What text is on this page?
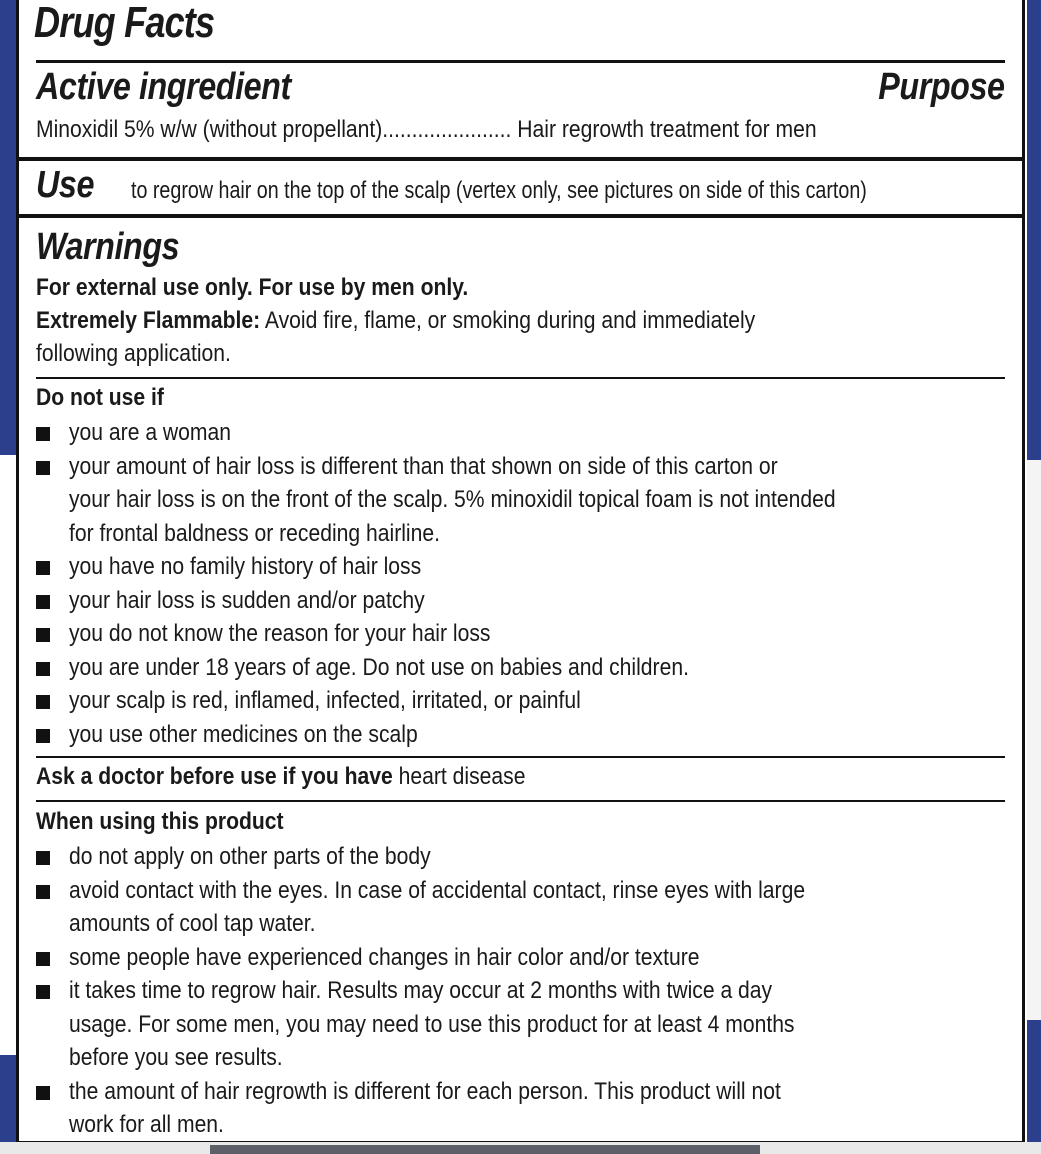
Drug Facts
Active ingredient	Purpose
Minoxidil 5% w/w (without propellant)...................... Hair regrowth treatment for men
Use to regrow hair on the top of the scalp (vertex only, see pictures on side of this carton)
Warnings
For external use only. For use by men only.
Extremely Flammable: Avoid fire, flame, or smoking during and immediately
following application.
Do not use if
you are a woman
your amount of hair loss is different than that shown on side of this carton or
your hair loss is on the front of the scalp. 5% minoxidil topical foam is not intended
for frontal baldness or receding hairline.
you have no family history of hair loss
your hair loss is sudden and/or patchy
you do not know the reason for your hair loss
you are under 18 years of age. Do not use on babies and children.
your scalp is red, inflamed, infected, irritated, or painful
you use other medicines on the scalp
Ask a doctor before use if you have heart disease
When using this product
do not apply on other parts of the body
avoid contact with the eyes. In case of accidental contact, rinse eyes with large
amounts of cool tap water.
some people have experienced changes in hair color and/or texture
it takes time to regrow hair. Results may occur at 2 months with twice a day
usage. For some men, you may need to use this product for at least 4 months
before you see results.
the amount of hair regrowth is different for each person. This product will not
work for all men.
